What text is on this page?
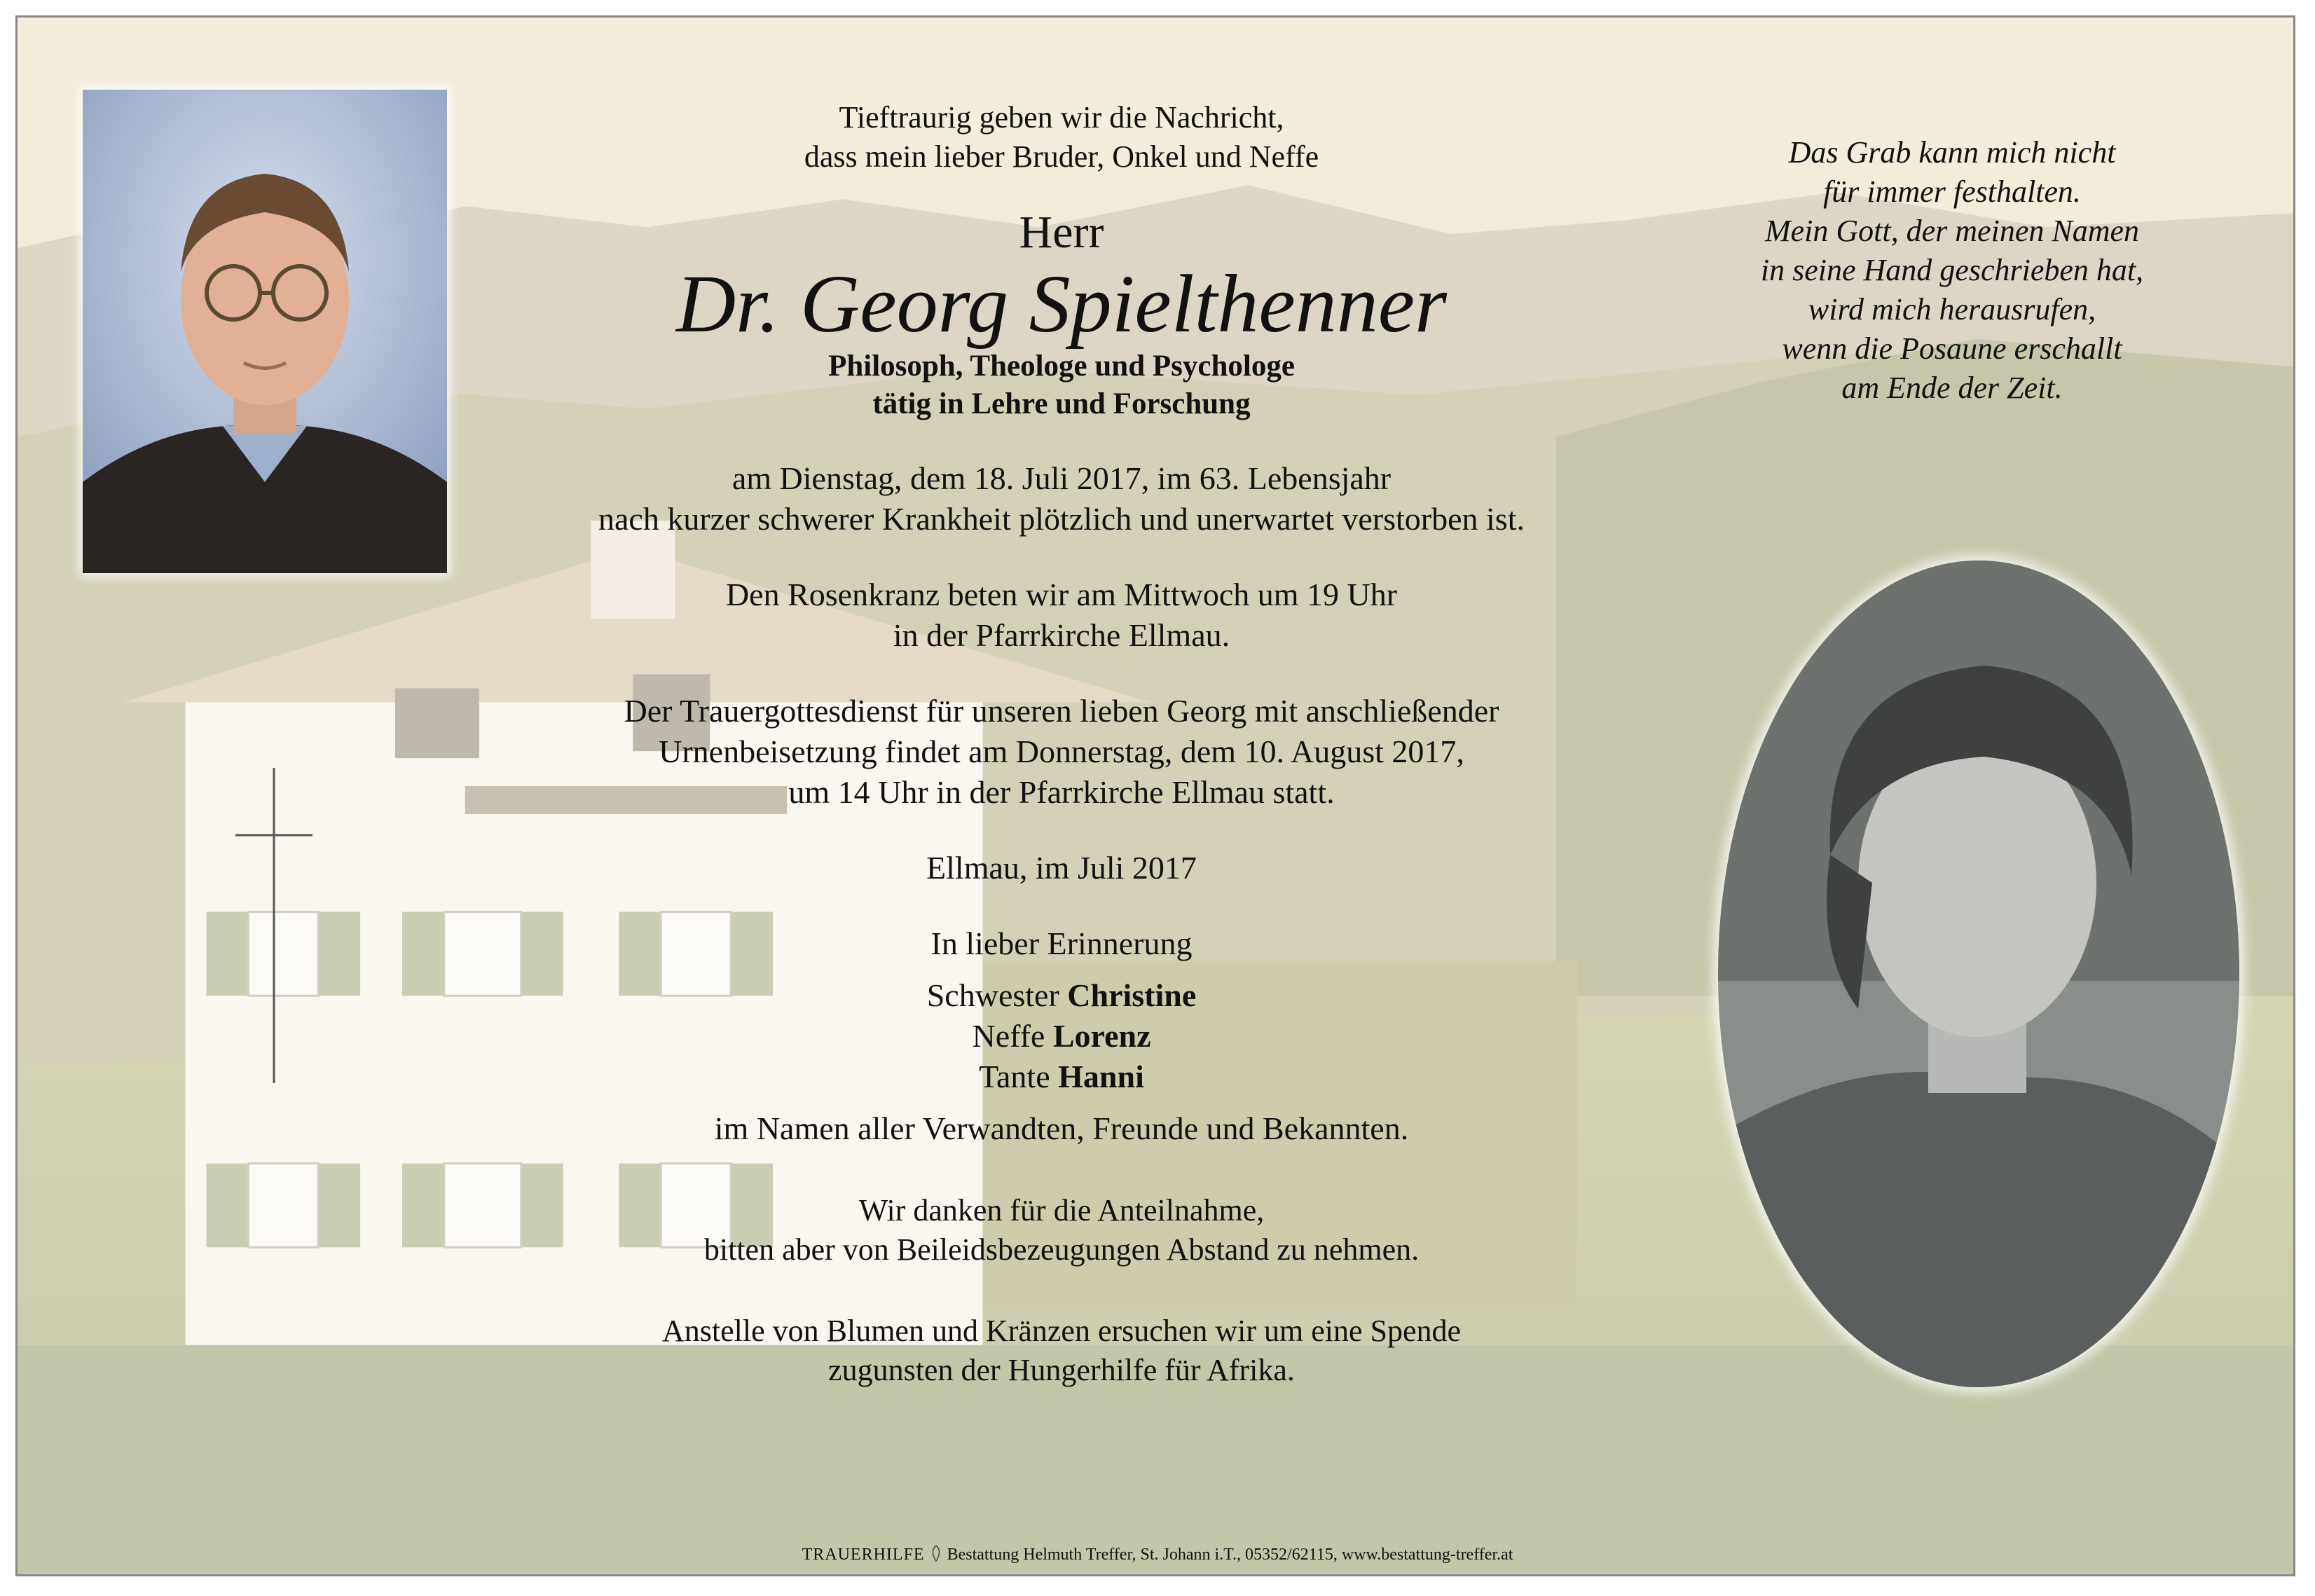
Tieftraurig geben wir die Nachricht,

dass mein lieber Bruder, Onkel und Neffe

Herr

Dr. Georg Spielthenner

Philosoph, Theologe und Psychologe

tätig in Lehre und Forschung

am Dienstag, dem 18. Juli 2017, im 63. Lebensjahr

nach kurzer schwerer Krankheit plötzlich und unerwartet verstorben ist.

Den Rosenkranz beten wir am Mittwoch um 19 Uhr

in der Pfarrkirche Ellmau.

Der Trauergottesdienst für unseren lieben Georg mit anschließender

Urnenbeisetzung findet am Donnerstag, dem 10. August 2017,

um 14 Uhr in der Pfarrkirche Ellmau statt.

Ellmau, im Juli 2017

In lieber Erinnerung

Schwester Christine

Neffe Lorenz

Tante Hanni

im Namen aller Verwandten, Freunde und Bekannten.

Wir danken für die Anteilnahme,

bitten aber von Beileidsbezeugungen Abstand zu nehmen.

Anstelle von Blumen und Kränzen ersuchen wir um eine Spende

zugunsten der Hungerhilfe für Afrika.

Das Grab kann mich nicht
für immer festhalten.
Mein Gott, der meinen Namen
in seine Hand geschrieben hat,
wird mich herausrufen,
wenn die Posaune erschallt
am Ende der Zeit.
TRAUERHILFE Bestattung Helmuth Treffer, St. Johann i.T., 05352/62115, www.bestattung-treffer.at
